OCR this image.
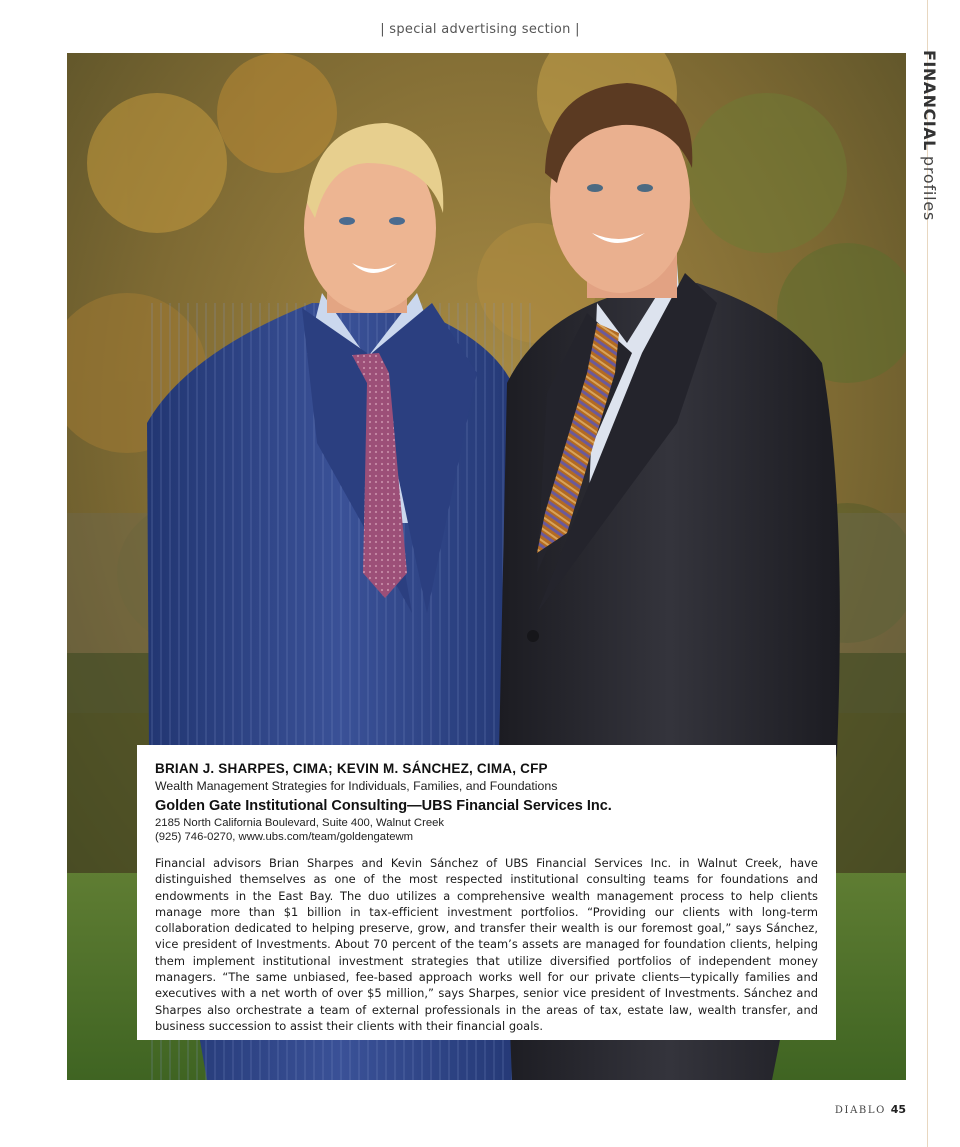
| special advertising section |
FINANCIAL profiles
BRIAN J. SHARPES, CIMA; KEVIN M. SÁNCHEZ, CIMA, CFP
Wealth Management Strategies for Individuals, Families, and Foundations
Golden Gate Institutional Consulting—UBS Financial Services Inc.
2185 North California Boulevard, Suite 400, Walnut Creek
(925) 746-0270, www.ubs.com/team/goldengatewm
Financial advisors Brian Sharpes and Kevin Sánchez of UBS Financial Services Inc. in Walnut Creek, have distinguished themselves as one of the most respected institutional consulting teams for foundations and endowments in the East Bay. The duo utilizes a comprehensive wealth management process to help clients manage more than $1 billion in tax-efficient investment portfolios. “Providing our clients with long-term collaboration dedicated to helping preserve, grow, and transfer their wealth is our foremost goal,” says Sánchez, vice president of Investments. About 70 percent of the team’s assets are managed for foundation clients, helping them implement institutional investment strategies that utilize diversified portfolios of independent money managers. “The same unbiased, fee-based approach works well for our private clients—typically families and executives with a net worth of over $5 million,” says Sharpes, senior vice president of Investments. Sánchez and Sharpes also orchestrate a team of external professionals in the areas of tax, estate law, wealth transfer, and business succession to assist their clients with their financial goals.
DIABLO 45
